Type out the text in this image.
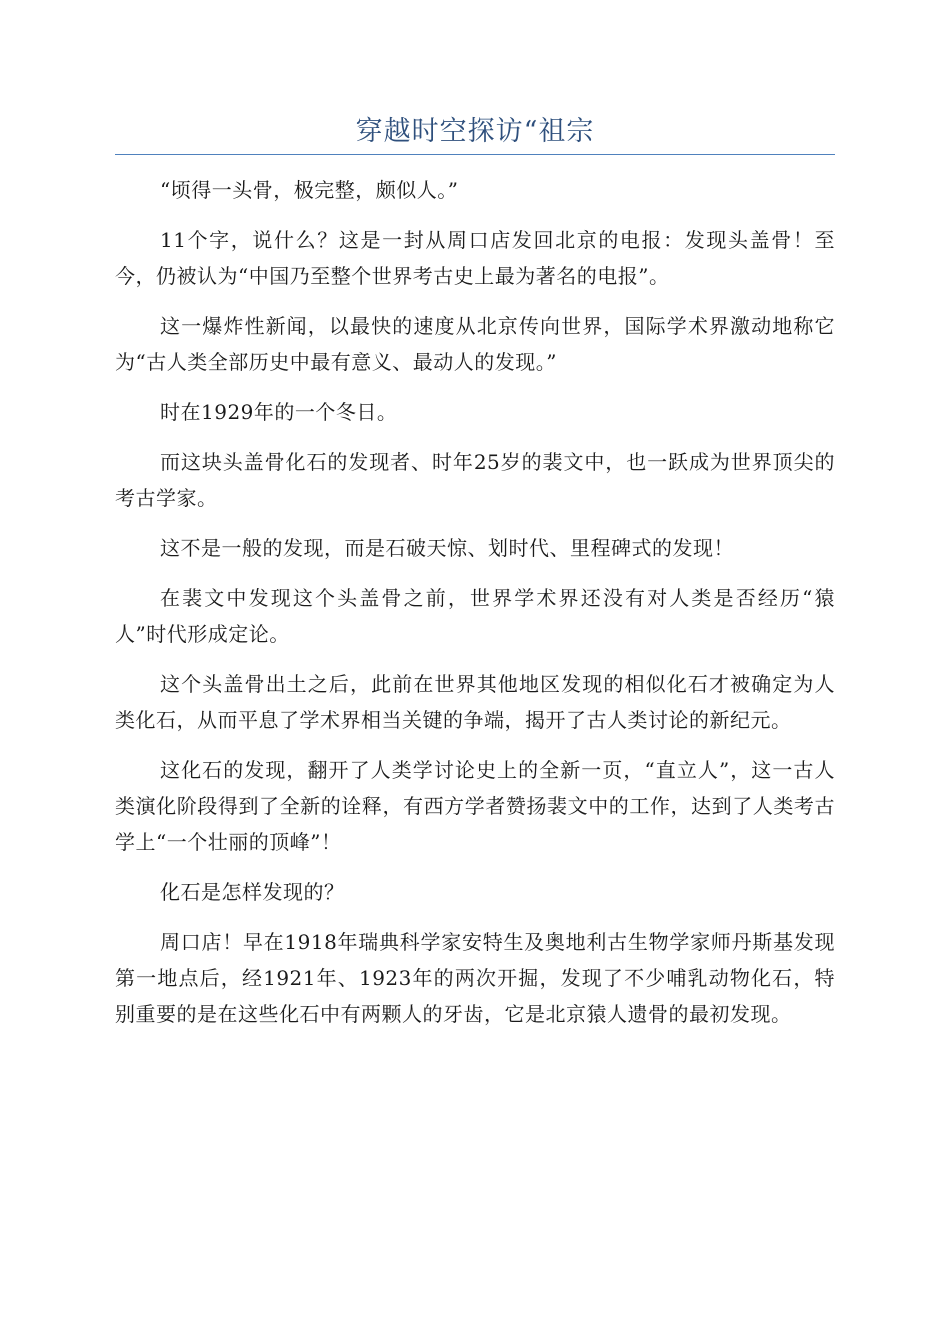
穿越时空探访“祖宗

“顷得一头骨，极完整，颇似人。”

11个字，说什么？这是一封从周口店发回北京的电报：发现头盖骨！至今，仍被认为“中国乃至整个世界考古史上最为著名的电报”。

这一爆炸性新闻，以最快的速度从北京传向世界，国际学术界激动地称它为“古人类全部历史中最有意义、最动人的发现。”

时在1929年的一个冬日。

而这块头盖骨化石的发现者、时年25岁的裴文中，也一跃成为世界顶尖的考古学家。

这不是一般的发现，而是石破天惊、划时代、里程碑式的发现！

在裴文中发现这个头盖骨之前，世界学术界还没有对人类是否经历“猿人”时代形成定论。

这个头盖骨出土之后，此前在世界其他地区发现的相似化石才被确定为人类化石，从而平息了学术界相当关键的争端，揭开了古人类讨论的新纪元。

这化石的发现，翻开了人类学讨论史上的全新一页，“直立人”，这一古人类演化阶段得到了全新的诠释，有西方学者赞扬裴文中的工作，达到了人类考古学上“一个壮丽的顶峰”！

化石是怎样发现的？

周口店！早在1918年瑞典科学家安特生及奥地利古生物学家师丹斯基发现第一地点后，经1921年、1923年的两次开掘，发现了不少哺乳动物化石，特别重要的是在这些化石中有两颗人的牙齿，它是北京猿人遗骨的最初发现。
